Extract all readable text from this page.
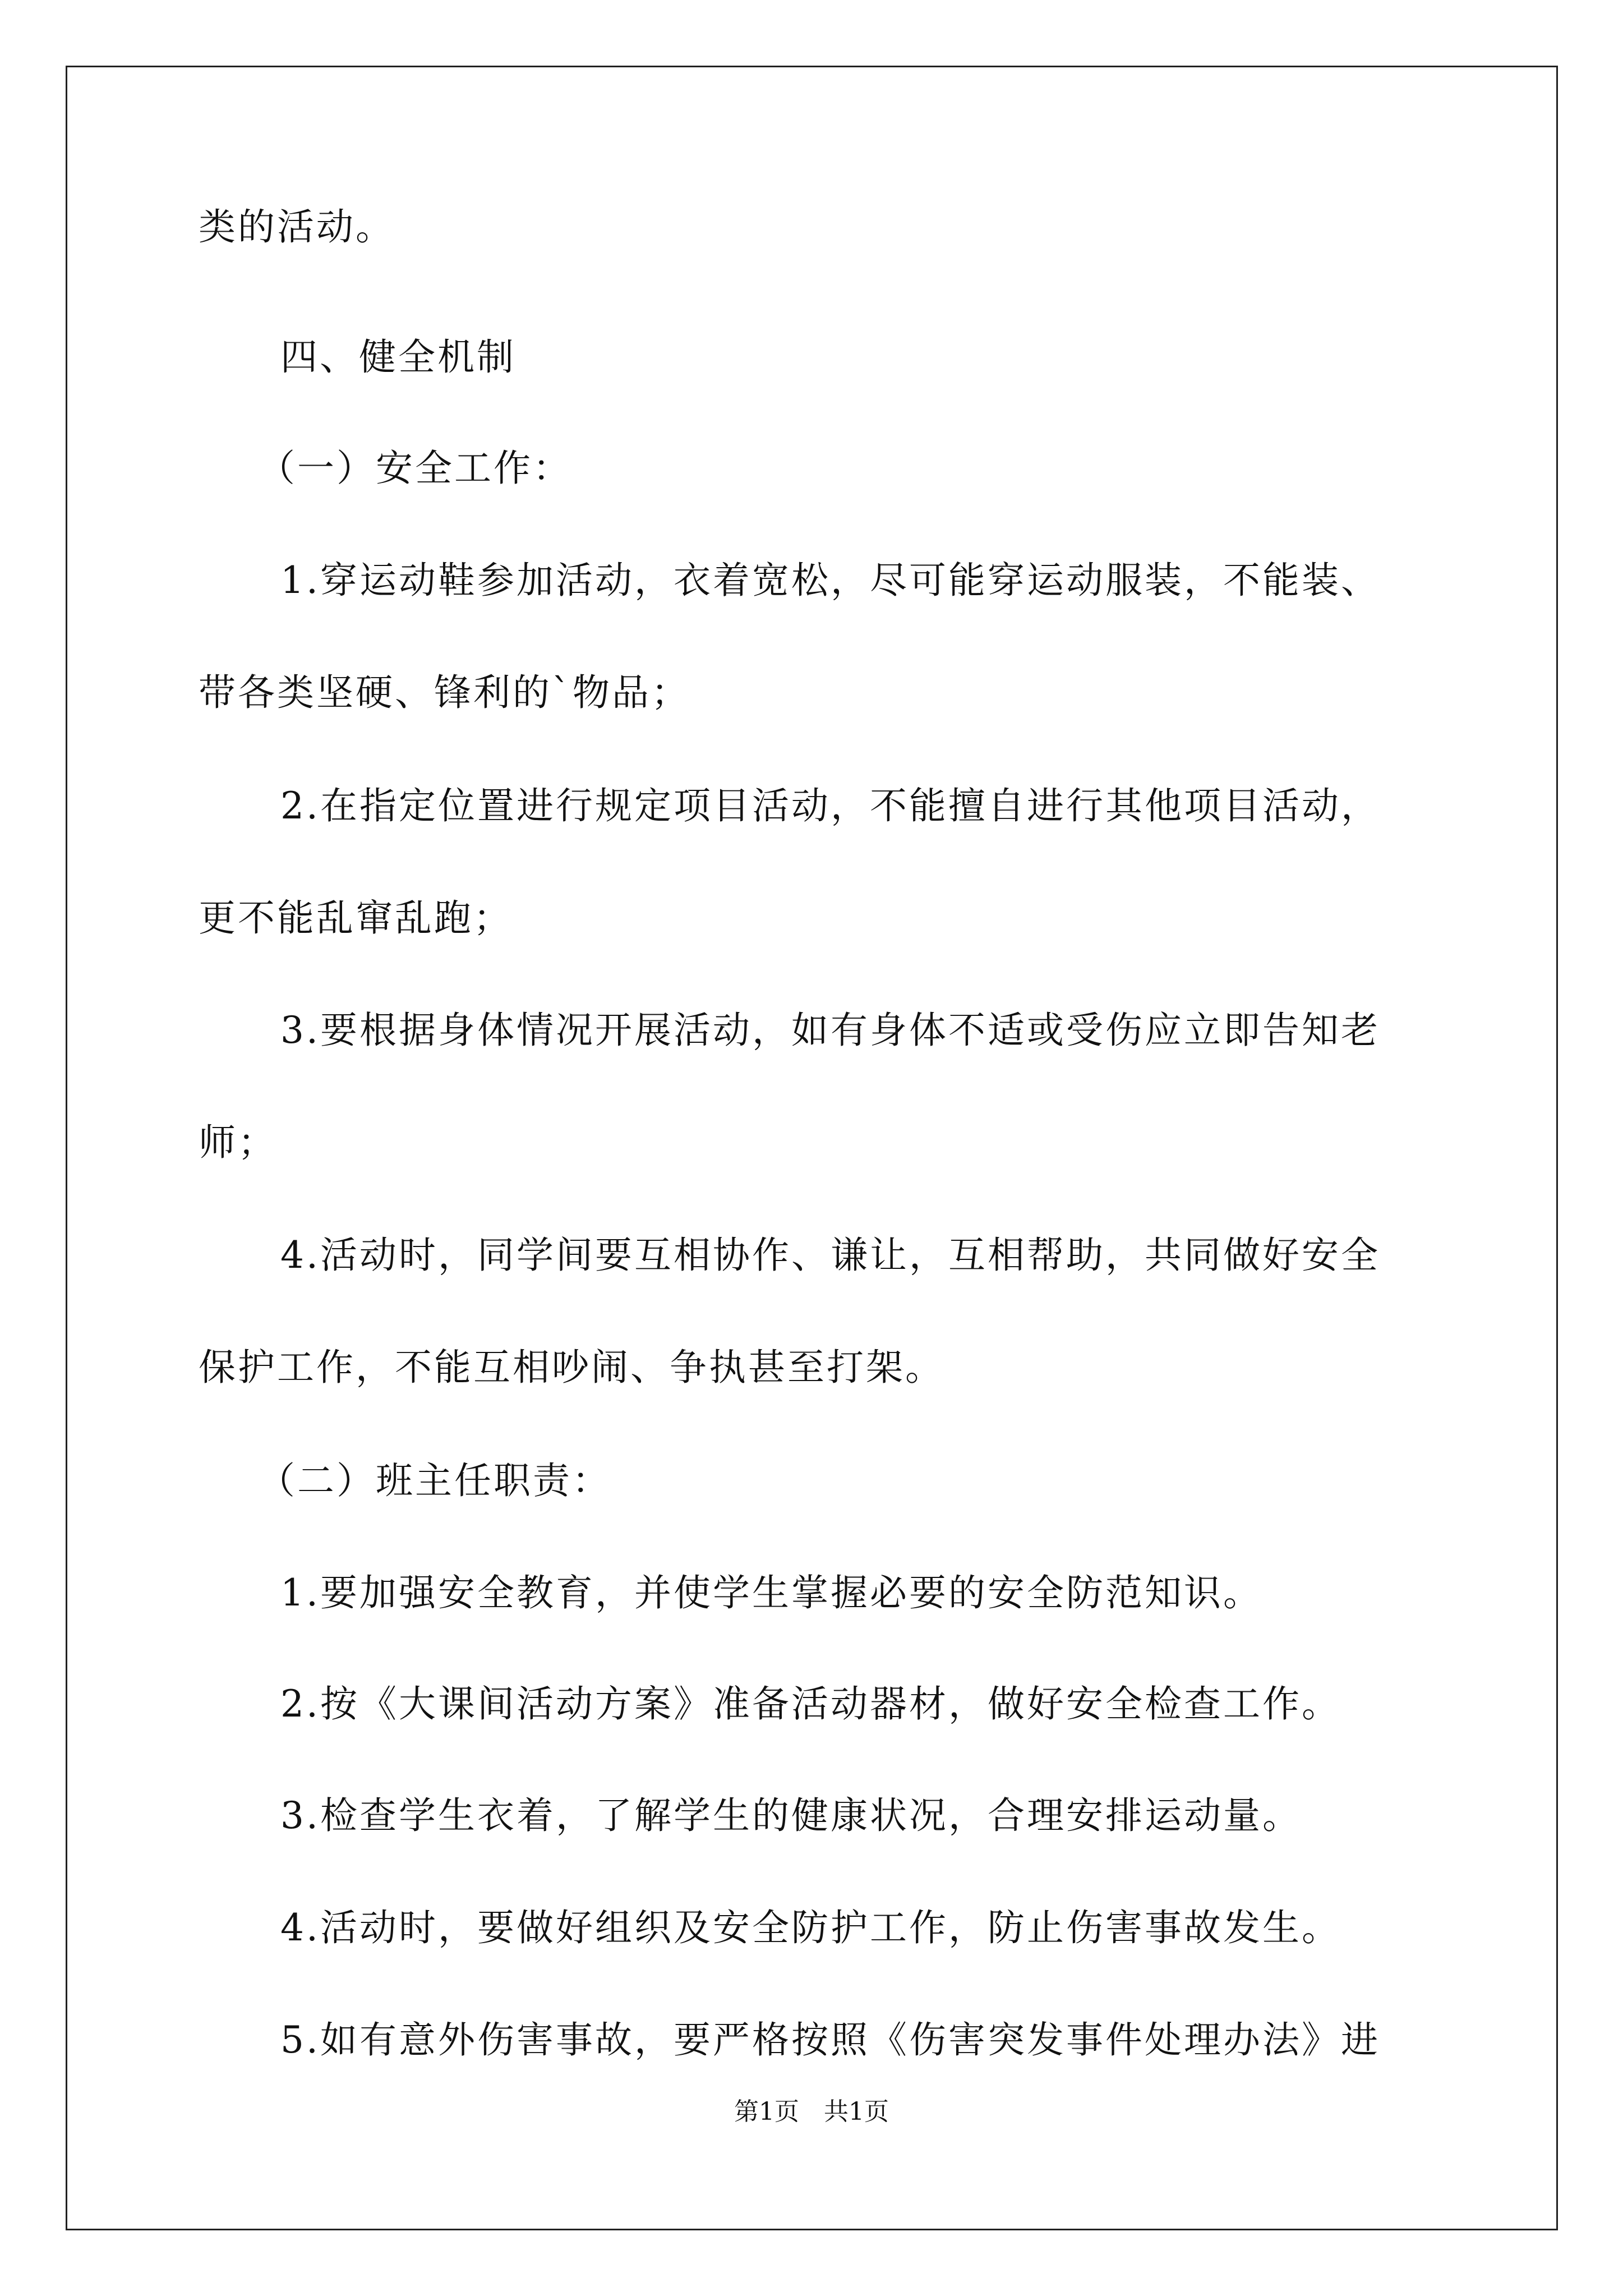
类的活动。
四、健全机制
（一）安全工作：
1.穿运动鞋参加活动，衣着宽松，尽可能穿运动服装，不能装、
带各类坚硬、锋利的`物品；
2.在指定位置进行规定项目活动，不能擅自进行其他项目活动，
更不能乱窜乱跑；
3.要根据身体情况开展活动，如有身体不适或受伤应立即告知老
师；
4.活动时，同学间要互相协作、谦让，互相帮助，共同做好安全
保护工作，不能互相吵闹、争执甚至打架。
（二）班主任职责：
1.要加强安全教育，并使学生掌握必要的安全防范知识。
2.按《大课间活动方案》准备活动器材，做好安全检查工作。
3.检查学生衣着，了解学生的健康状况，合理安排运动量。
4.活动时，要做好组织及安全防护工作，防止伤害事故发生。
5.如有意外伤害事故，要严格按照《伤害突发事件处理办法》进
第1页　共1页
